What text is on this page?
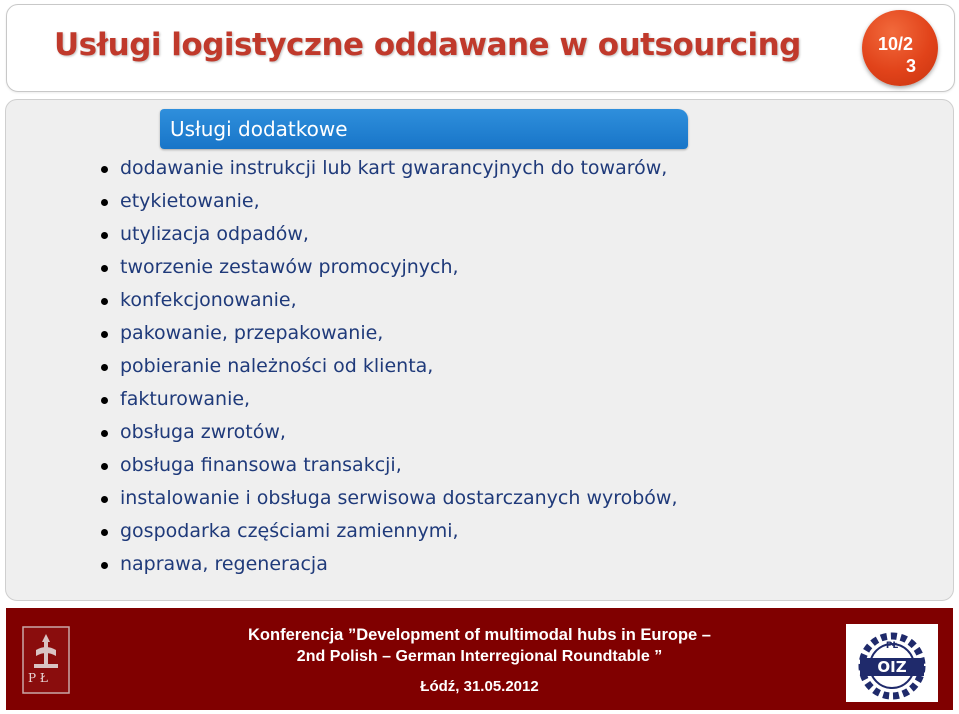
Usługi logistyczne oddawane w outsourcing	10/2
3
Usługi dodatkowe
dodawanie instrukcji lub kart gwarancyjnych do towarów,
etykietowanie,
utylizacja odpadów,
tworzenie zestawów promocyjnych,
konfekcjonowanie,
pakowanie, przepakowanie,
pobieranie należności od klienta,
fakturowanie,
obsługa zwrotów,
obsługa finansowa transakcji,
instalowanie i obsługa serwisowa dostarczanych wyrobów,
gospodarka częściami zamiennymi,
naprawa, regeneracja
Konferencja ”Development of multimodal hubs in Europe –
2nd Polish – German Interregional Roundtable ”
Łódź, 31.05.2012
P Ł
OIZ
PŁ
